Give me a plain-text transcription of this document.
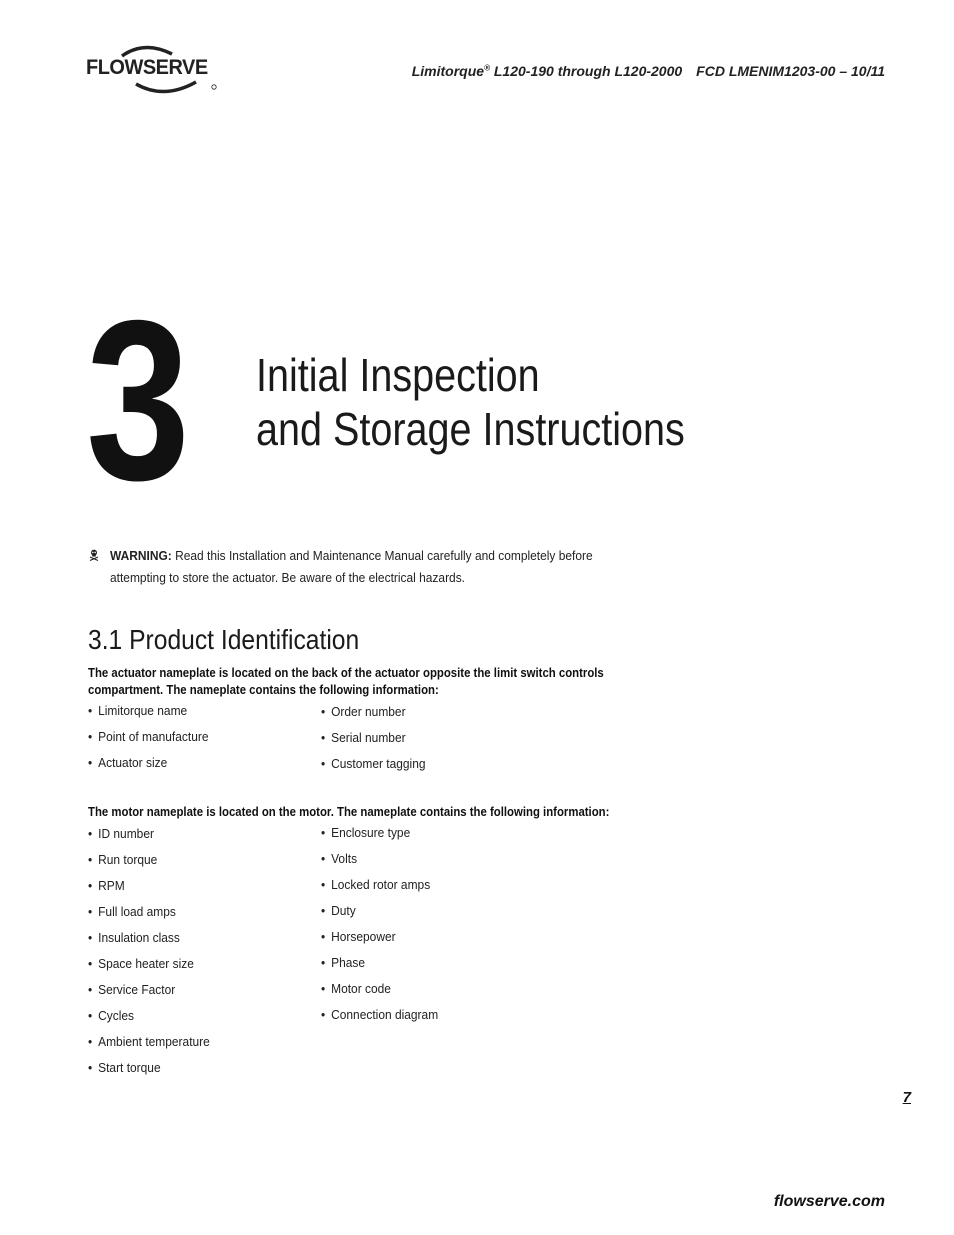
FLOWSERVE	Limitorque® L120-190 through L120-2000 FCD LMENIM1203-00 – 10/11
3 Initial Inspection
and Storage Instructions
WARNING: Read this Installation and Maintenance Manual carefully and completely before attempting to store the actuator. Be aware of the electrical hazards.
3.1 Product Identification
The actuator nameplate is located on the back of the actuator opposite the limit switch controls compartment. The nameplate contains the following information:
• Limitorque name
• Point of manufacture
• Actuator size
• Order number
• Serial number
• Customer tagging
The motor nameplate is located on the motor. The nameplate contains the following information:
• ID number
• Run torque
• RPM
• Full load amps
• Insulation class
• Space heater size
• Service Factor
• Cycles
• Ambient temperature
• Start torque
• Enclosure type
• Volts
• Locked rotor amps
• Duty
• Horsepower
• Phase
• Motor code
• Connection diagram
7
flowserve.com
